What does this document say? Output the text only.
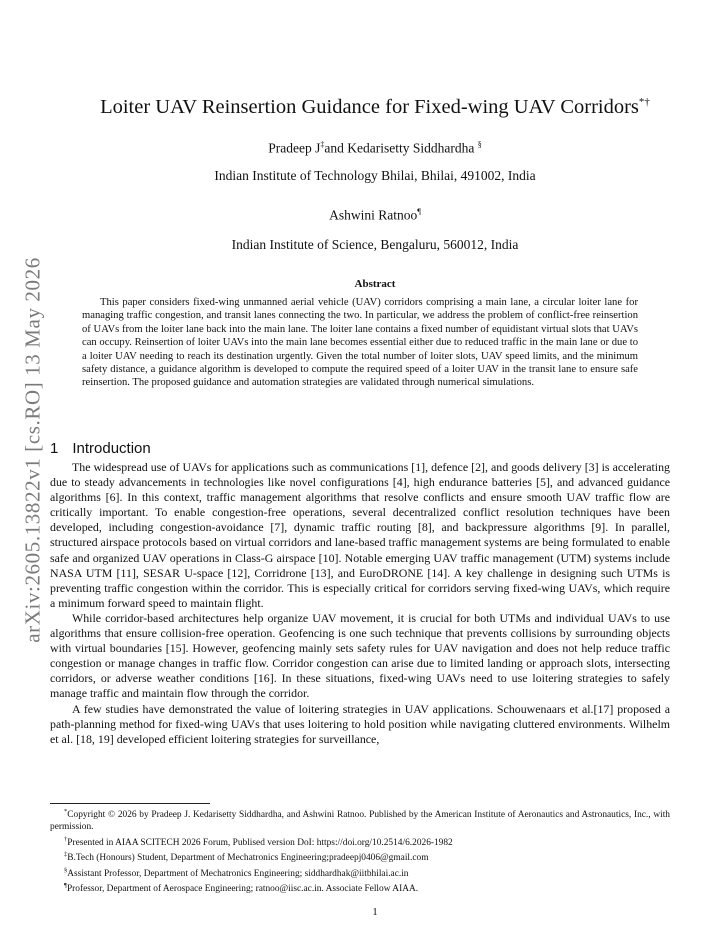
arXiv:2605.13822v1 [cs.RO] 13 May 2026
Loiter UAV Reinsertion Guidance for Fixed-wing UAV Corridors*†
Pradeep J‡and Kedarisetty Siddhardha §
Indian Institute of Technology Bhilai, Bhilai, 491002, India
Ashwini Ratnoo¶
Indian Institute of Science, Bengaluru, 560012, India
Abstract

This paper considers fixed-wing unmanned aerial vehicle (UAV) corridors comprising a main lane, a circular loiter lane for managing traffic congestion, and transit lanes connecting the two. In particular, we address the problem of conflict-free reinsertion of UAVs from the loiter lane back into the main lane. The loiter lane contains a fixed number of equidistant virtual slots that UAVs can occupy. Reinsertion of loiter UAVs into the main lane becomes essential either due to reduced traffic in the main lane or due to a loiter UAV needing to reach its destination urgently. Given the total number of loiter slots, UAV speed limits, and the minimum safety distance, a guidance algorithm is developed to compute the required speed of a loiter UAV in the transit lane to ensure safe reinsertion. The proposed guidance and automation strategies are validated through numerical simulations.

1 Introduction

The widespread use of UAVs for applications such as communications [1], defence [2], and goods delivery [3] is accelerating due to steady advancements in technologies like novel configurations [4], high endurance batteries [5], and advanced guidance algorithms [6]. In this context, traffic management algorithms that resolve conflicts and ensure smooth UAV traffic flow are critically important. To enable congestion-free operations, several decentralized conflict resolution techniques have been developed, including congestion-avoidance [7], dynamic traffic routing [8], and backpressure algorithms [9]. In parallel, structured airspace protocols based on virtual corridors and lane-based traffic management systems are being formulated to enable safe and organized UAV operations in Class-G airspace [10]. Notable emerging UAV traffic management (UTM) systems include NASA UTM [11], SESAR U-space [12], Corridrone [13], and EuroDRONE [14]. A key challenge in designing such UTMs is preventing traffic congestion within the corridor. This is especially critical for corridors serving fixed-wing UAVs, which require a minimum forward speed to maintain flight.

While corridor-based architectures help organize UAV movement, it is crucial for both UTMs and individual UAVs to use algorithms that ensure collision-free operation. Geofencing is one such technique that prevents collisions by surrounding objects with virtual boundaries [15]. However, geofencing mainly sets safety rules for UAV navigation and does not help reduce traffic congestion or manage changes in traffic flow. Corridor congestion can arise due to limited landing or approach slots, intersecting corridors, or adverse weather conditions [16]. In these situations, fixed-wing UAVs need to use loitering strategies to safely manage traffic and maintain flow through the corridor.

A few studies have demonstrated the value of loitering strategies in UAV applications. Schouwenaars et al.[17] proposed a path-planning method for fixed-wing UAVs that uses loitering to hold position while navigating cluttered environments. Wilhelm et al. [18, 19] developed efficient loitering strategies for surveillance,

*Copyright © 2026 by Pradeep J. Kedarisetty Siddhardha, and Ashwini Ratnoo. Published by the American Institute of Aeronautics and Astronautics, Inc., with permission.

†Presented in AIAA SCITECH 2026 Forum, Publised version DoI: https://doi.org/10.2514/6.2026-1982

‡B.Tech (Honours) Student, Department of Mechatronics Engineering;pradeepj0406@gmail.com

§Assistant Professor, Department of Mechatronics Engineering; siddhardhak@iitbhilai.ac.in

¶Professor, Department of Aerospace Engineering; ratnoo@iisc.ac.in. Associate Fellow AIAA.

1
